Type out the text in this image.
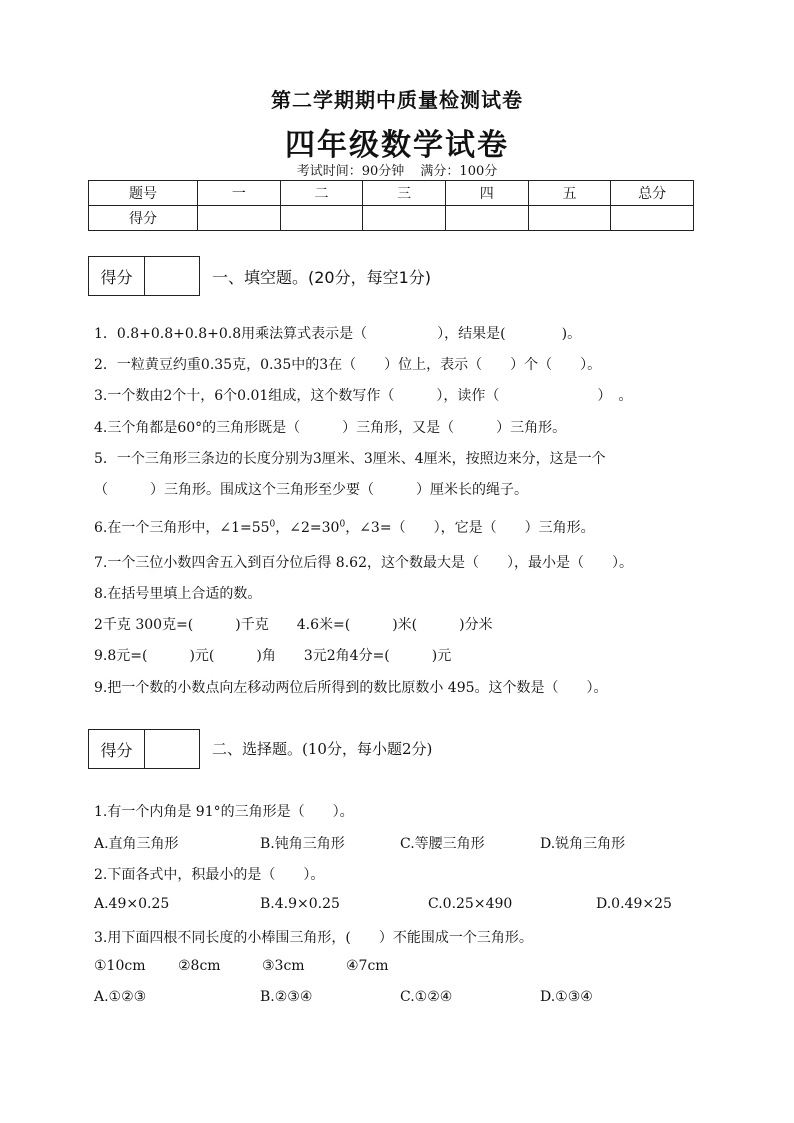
第二学期期中质量检测试卷
四年级数学试卷
考试时间：90分钟 满分：100分
题号	一	二	三	四	五	总分
得分						
得分	一、填空题。(20分，每空1分)
1．0.8+0.8+0.8+0.8用乘法算式表示是（　　　　　），结果是(　　　　)。
2．一粒黄豆约重0.35克，0.35中的3在（　　）位上，表示（　　）个（　　）。
3.一个数由2个十，6个0.01组成，这个数写作（　　　），读作（　　　　　　　）　。
4.三个角都是60°的三角形既是（　　　）三角形，又是（　　　）三角形。
5．一个三角形三条边的长度分别为3厘米、3厘米、4厘米，按照边来分，这是一个
（　　　）三角形。围成这个三角形至少要（　　　）厘米长的绳子。
6.在一个三角形中，$\angle 1=55^0$，$\angle 2=30^0$，∠3=（　　），它是（　　）三角形。
7.一个三位小数四舍五入到百分位后得 8.62，这个数最大是（　　），最小是（　　）。
8.在括号里填上合适的数。
2千克 300克=(　　　)千克　　4.6米=(　　　)米(　　　)分米
9.8元=(　　　)元(　　　)角　　3元2角4分=(　　　)元
9.把一个数的小数点向左移动两位后所得到的数比原数小 495。这个数是（　　）。
得分	二、选择题。(10分，每小题2分)
1.有一个内角是 91°的三角形是（　　）。
A.直角三角形	B.钝角三角形	C.等腰三角形	D.锐角三角形
2.下面各式中，积最小的是（　　）。
A.49×0.25	B.4.9×0.25	C.0.25×490	D.0.49×25
3.用下面四根不同长度的小棒围三角形，(　　）不能围成一个三角形。
①10cm ②8cm	③3cm	④7cm
A.①②③	B.②③④	C.①②④	D.①③④
